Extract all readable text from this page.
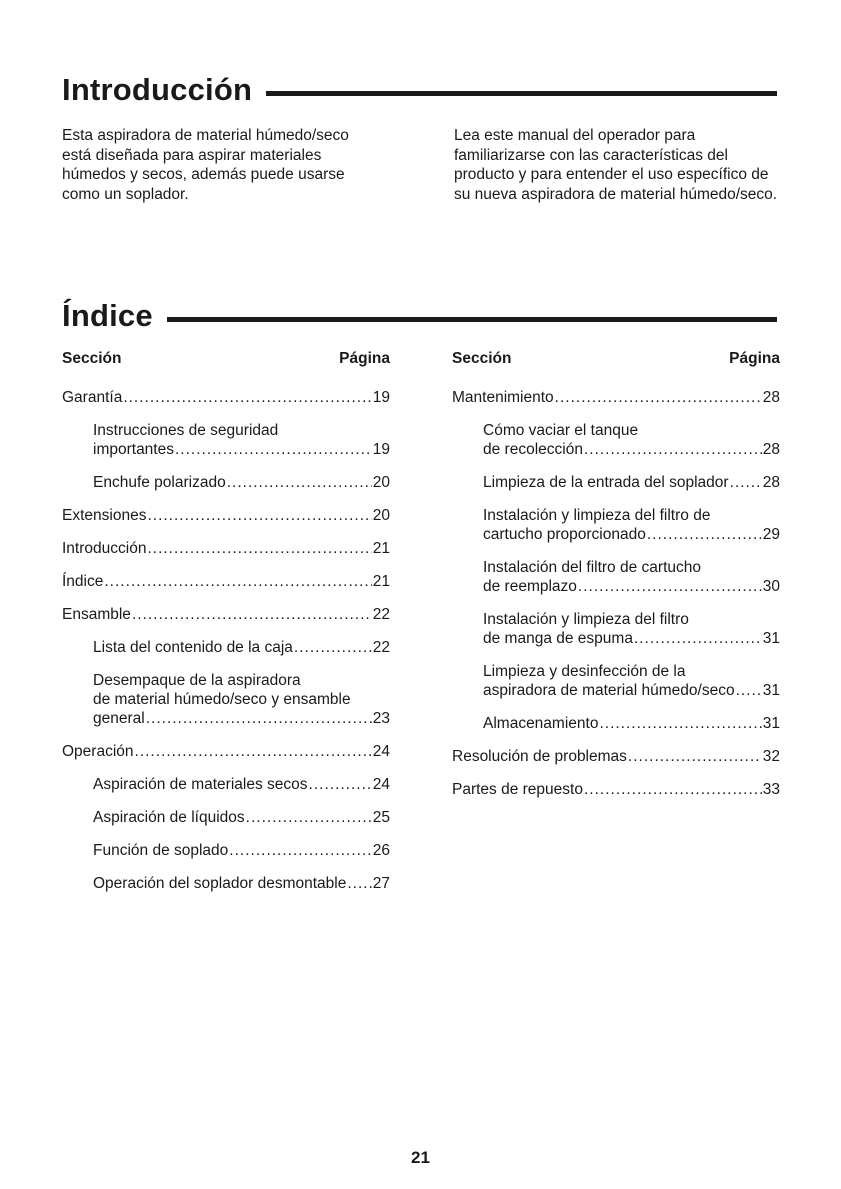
Introducción

Esta aspiradora de material húmedo/seco está diseñada para aspirar materiales húmedos y secos, además puede usarse como un soplador.

Lea este manual del operador para familiarizarse con las características del producto y para entender el uso específico de su nueva aspiradora de material húmedo/seco.

Índice
Sección	Página
Garantía .....	19
Instrucciones de seguridad
importantes .....	19
Enchufe polarizado .....	20
Extensiones .....	20
Introducción .....	21
Índice .....	21
Ensamble .....	22
Lista del contenido de la caja .....	22
Desempaque de la aspiradora
de material húmedo/seco y ensamble
general .....	23
Operación .....	24
Aspiración de materiales secos .....	24
Aspiración de líquidos .....	25
Función de soplado .....	26
Operación del soplador desmontable ..... 27
Sección	Página
Mantenimiento .....	28
Cómo vaciar el tanque
de recolección .....	28
Limpieza de la entrada del soplador ..... 28
Instalación y limpieza del filtro de
cartucho proporcionado .....	29
Instalación del filtro de cartucho
de reemplazo .....	30
Instalación y limpieza del filtro
de manga de espuma .....	31
Limpieza y desinfección de la
aspiradora de material húmedo/seco ..... 31
Almacenamiento .....	31
Resolución de problemas .....	32
Partes de repuesto .....	33
21
